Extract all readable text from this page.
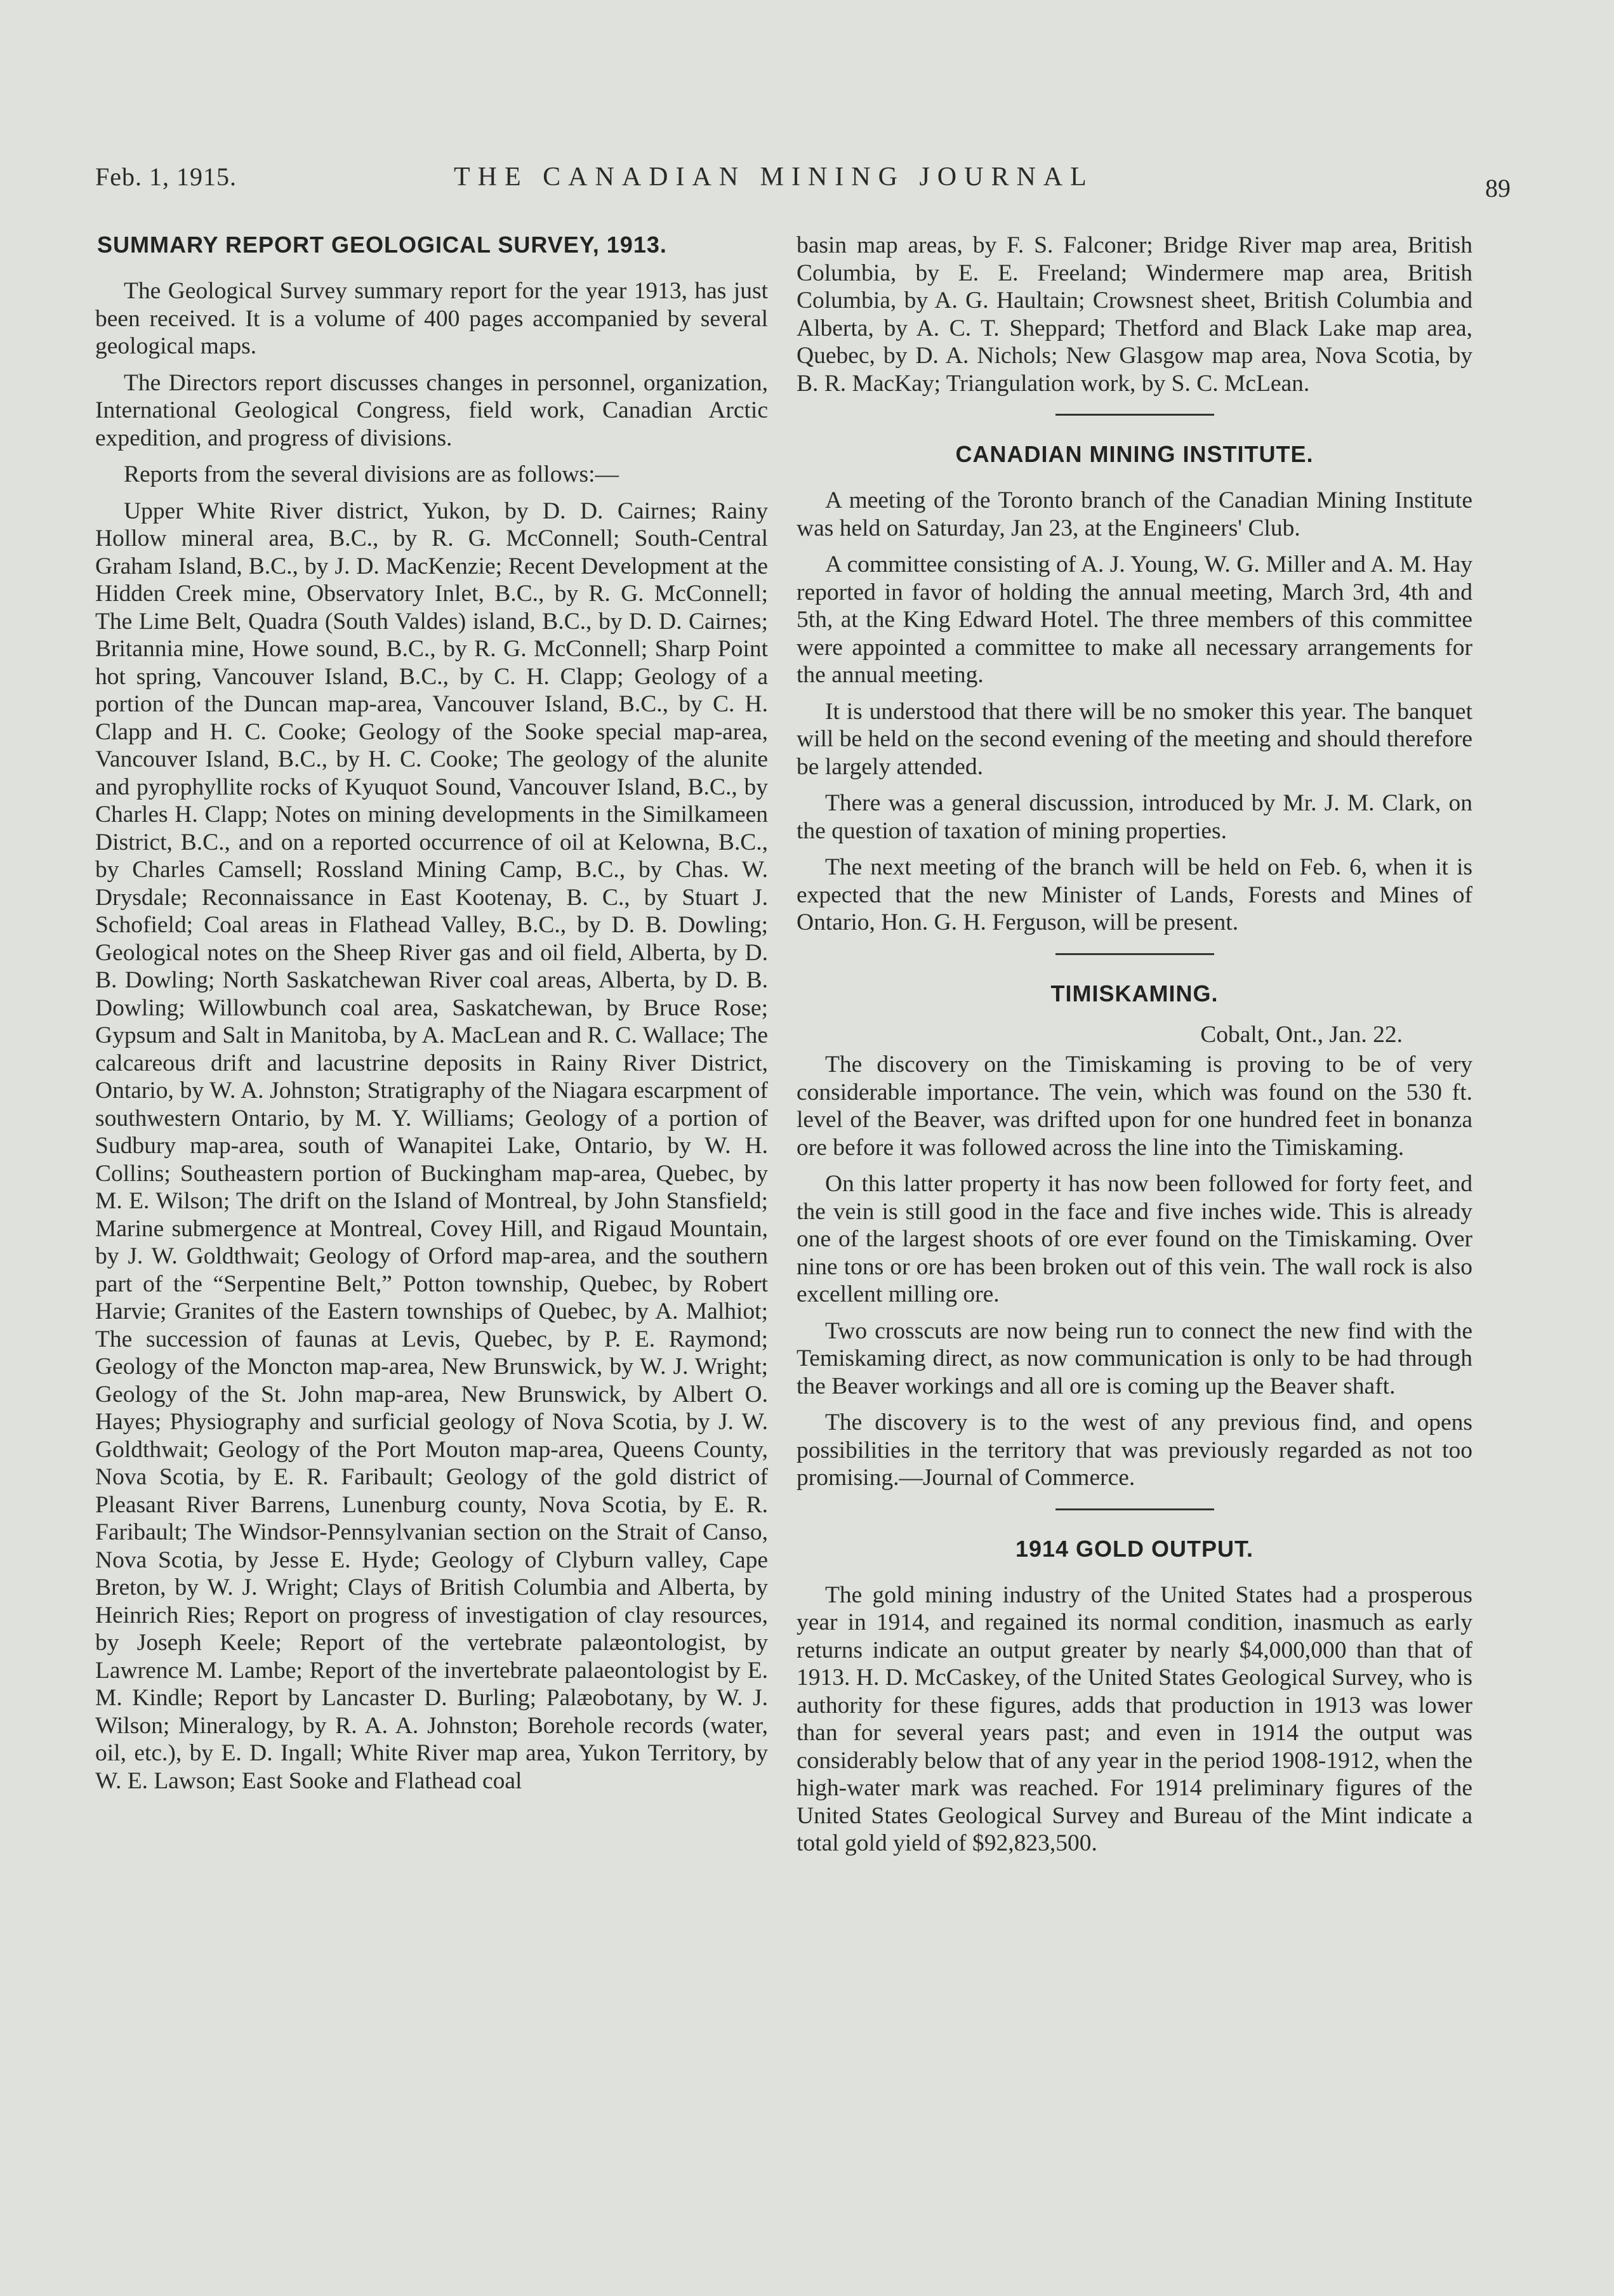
Feb. 1, 1915.	THE CANADIAN MINING JOURNAL	89
SUMMARY REPORT GEOLOGICAL SURVEY, 1913.

The Geological Survey summary report for the year 1913, has just been received. It is a volume of 400 pages accompanied by several geological maps.

The Directors report discusses changes in personnel, organization, International Geological Congress, field work, Canadian Arctic expedition, and progress of divisions.

Reports from the several divisions are as follows:—

Upper White River district, Yukon, by D. D. Cairnes; Rainy Hollow mineral area, B.C., by R. G. McConnell; South-Central Graham Island, B.C., by J. D. MacKenzie; Recent Development at the Hidden Creek mine, Observatory Inlet, B.C., by R. G. McConnell; The Lime Belt, Quadra (South Valdes) island, B.C., by D. D. Cairnes; Britannia mine, Howe sound, B.C., by R. G. McConnell; Sharp Point hot spring, Vancouver Island, B.C., by C. H. Clapp; Geology of a portion of the Duncan map-area, Vancouver Island, B.C., by C. H. Clapp and H. C. Cooke; Geology of the Sooke special map-area, Vancouver Island, B.C., by H. C. Cooke; The geology of the alunite and pyrophyllite rocks of Kyuquot Sound, Vancouver Island, B.C., by Charles H. Clapp; Notes on mining developments in the Similkameen District, B.C., and on a reported occurrence of oil at Kelowna, B.C., by Charles Camsell; Rossland Mining Camp, B.C., by Chas. W. Drysdale; Reconnaissance in East Kootenay, B. C., by Stuart J. Schofield; Coal areas in Flathead Valley, B.C., by D. B. Dowling; Geological notes on the Sheep River gas and oil field, Alberta, by D. B. Dowling; North Saskatchewan River coal areas, Alberta, by D. B. Dowling; Willowbunch coal area, Saskatchewan, by Bruce Rose; Gypsum and Salt in Manitoba, by A. MacLean and R. C. Wallace; The calcareous drift and lacustrine deposits in Rainy River District, Ontario, by W. A. Johnston; Stratigraphy of the Niagara escarpment of southwestern Ontario, by M. Y. Williams; Geology of a portion of Sudbury map-area, south of Wanapitei Lake, Ontario, by W. H. Collins; Southeastern portion of Buckingham map-area, Quebec, by M. E. Wilson; The drift on the Island of Montreal, by John Stansfield; Marine submergence at Montreal, Covey Hill, and Rigaud Mountain, by J. W. Goldthwait; Geology of Orford map-area, and the southern part of the “Serpentine Belt,” Potton township, Quebec, by Robert Harvie; Granites of the Eastern townships of Quebec, by A. Malhiot; The succession of faunas at Levis, Quebec, by P. E. Raymond; Geology of the Moncton map-area, New Brunswick, by W. J. Wright; Geology of the St. John map-area, New Brunswick, by Albert O. Hayes; Physiography and surficial geology of Nova Scotia, by J. W. Goldthwait; Geology of the Port Mouton map-area, Queens County, Nova Scotia, by E. R. Faribault; Geology of the gold district of Pleasant River Barrens, Lunenburg county, Nova Scotia, by E. R. Faribault; The Windsor-Pennsylvanian section on the Strait of Canso, Nova Scotia, by Jesse E. Hyde; Geology of Clyburn valley, Cape Breton, by W. J. Wright; Clays of British Columbia and Alberta, by Heinrich Ries; Report on progress of investigation of clay resources, by Joseph Keele; Report of the vertebrate palæontologist, by Lawrence M. Lambe; Report of the invertebrate palaeontologist by E. M. Kindle; Report by Lancaster D. Burling; Palæobotany, by W. J. Wilson; Mineralogy, by R. A. A. Johnston; Borehole records (water, oil, etc.), by E. D. Ingall; White River map area, Yukon Territory, by W. E. Lawson; East Sooke and Flathead coal

basin map areas, by F. S. Falconer; Bridge River map area, British Columbia, by E. E. Freeland; Windermere map area, British Columbia, by A. G. Haultain; Crowsnest sheet, British Columbia and Alberta, by A. C. T. Sheppard; Thetford and Black Lake map area, Quebec, by D. A. Nichols; New Glasgow map area, Nova Scotia, by B. R. MacKay; Triangulation work, by S. C. McLean.

CANADIAN MINING INSTITUTE.

A meeting of the Toronto branch of the Canadian Mining Institute was held on Saturday, Jan 23, at the Engineers' Club.

A committee consisting of A. J. Young, W. G. Miller and A. M. Hay reported in favor of holding the annual meeting, March 3rd, 4th and 5th, at the King Edward Hotel. The three members of this committee were appointed a committee to make all necessary arrangements for the annual meeting.

It is understood that there will be no smoker this year. The banquet will be held on the second evening of the meeting and should therefore be largely attended.

There was a general discussion, introduced by Mr. J. M. Clark, on the question of taxation of mining properties.

The next meeting of the branch will be held on Feb. 6, when it is expected that the new Minister of Lands, Forests and Mines of Ontario, Hon. G. H. Ferguson, will be present.

TIMISKAMING.

Cobalt, Ont., Jan. 22.

The discovery on the Timiskaming is proving to be of very considerable importance. The vein, which was found on the 530 ft. level of the Beaver, was drifted upon for one hundred feet in bonanza ore before it was followed across the line into the Timiskaming.

On this latter property it has now been followed for forty feet, and the vein is still good in the face and five inches wide. This is already one of the largest shoots of ore ever found on the Timiskaming. Over nine tons or ore has been broken out of this vein. The wall rock is also excellent milling ore.

Two crosscuts are now being run to connect the new find with the Temiskaming direct, as now communication is only to be had through the Beaver workings and all ore is coming up the Beaver shaft.

The discovery is to the west of any previous find, and opens possibilities in the territory that was previously regarded as not too promising.—Journal of Commerce.

1914 GOLD OUTPUT.

The gold mining industry of the United States had a prosperous year in 1914, and regained its normal condition, inasmuch as early returns indicate an output greater by nearly $4,000,000 than that of 1913. H. D. McCaskey, of the United States Geological Survey, who is authority for these figures, adds that production in 1913 was lower than for several years past; and even in 1914 the output was considerably below that of any year in the period 1908-1912, when the high-water mark was reached. For 1914 preliminary figures of the United States Geological Survey and Bureau of the Mint indicate a total gold yield of $92,823,500.
